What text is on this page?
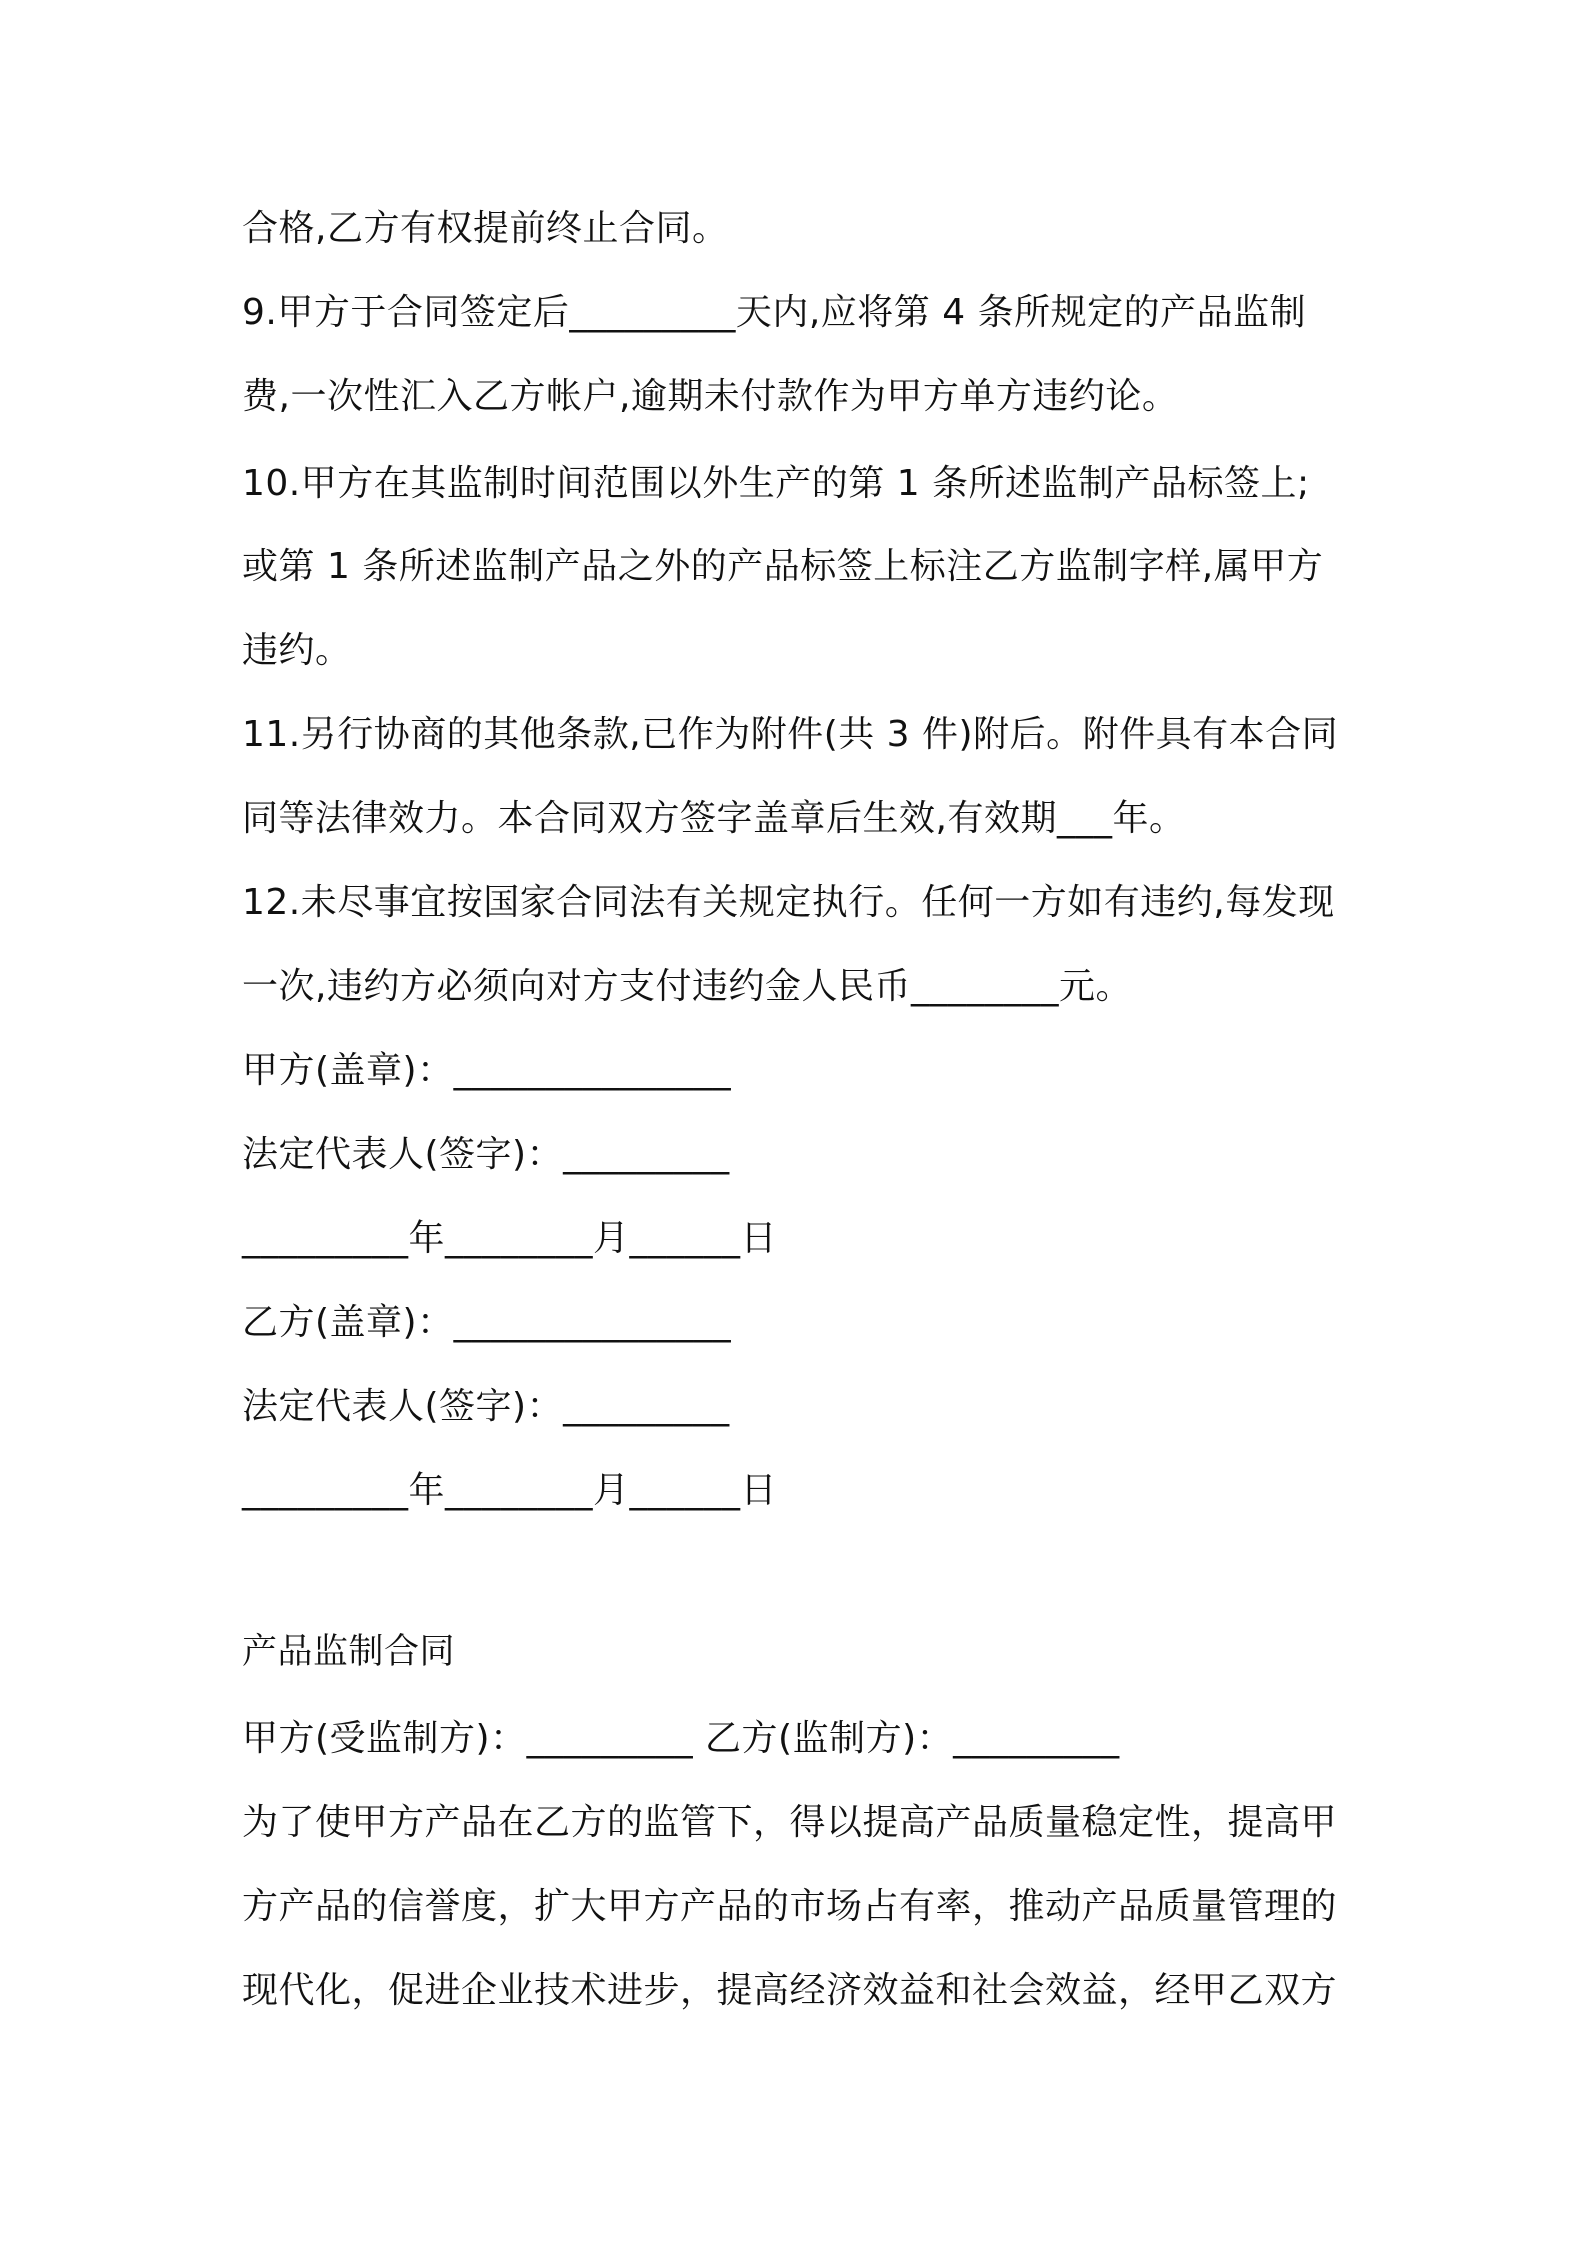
合格,乙方有权提前终止合同。
9.甲方于合同签定后_________天内,应将第 4 条所规定的产品监制
费,一次性汇入乙方帐户,逾期未付款作为甲方单方违约论。
10.甲方在其监制时间范围以外生产的第 1 条所述监制产品标签上;
或第 1 条所述监制产品之外的产品标签上标注乙方监制字样,属甲方
违约。
11.另行协商的其他条款,已作为附件(共 3 件)附后。附件具有本合同
同等法律效力。本合同双方签字盖章后生效,有效期___年。
12.未尽事宜按国家合同法有关规定执行。任何一方如有违约,每发现
一次,违约方必须向对方支付违约金人民币________元。
甲方(盖章)：_______________
法定代表人(签字)：_________
_________年________月______日
乙方(盖章)：_______________
法定代表人(签字)：_________
_________年________月______日
产品监制合同
甲方(受监制方)：_________ 乙方(监制方)：_________
为了使甲方产品在乙方的监管下，得以提高产品质量稳定性，提高甲
方产品的信誉度，扩大甲方产品的市场占有率，推动产品质量管理的
现代化，促进企业技术进步，提高经济效益和社会效益，经甲乙双方
